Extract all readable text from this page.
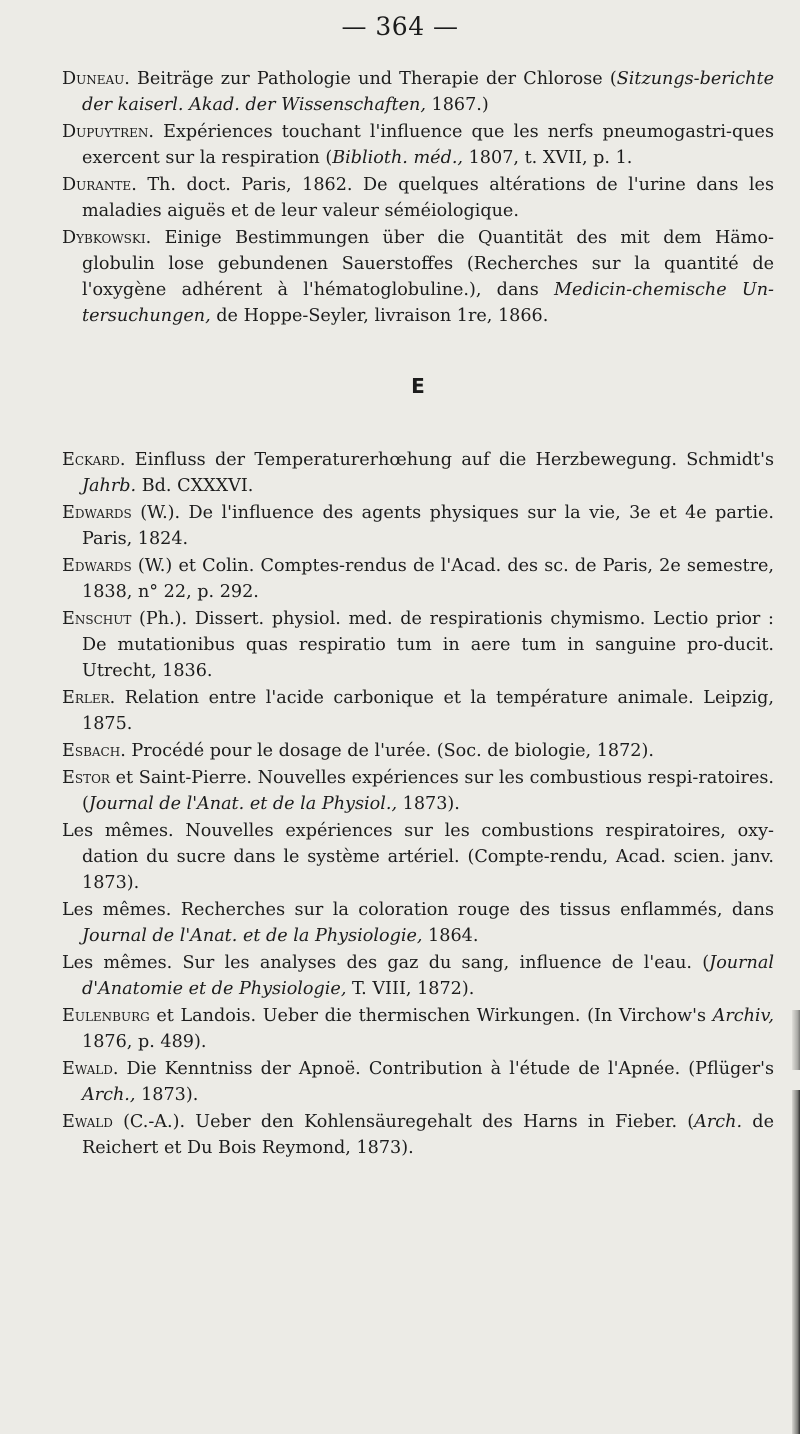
— 364 —

Duneau. Beiträge zur Pathologie und Therapie der Chlorose (Sitzungs-berichte der kaiserl. Akad. der Wissenschaften, 1867.)

Dupuytren. Expériences touchant l'influence que les nerfs pneumogastri-ques exercent sur la respiration (Biblioth. méd., 1807, t. XVII, p. 1.

Durante. Th. doct. Paris, 1862. De quelques altérations de l'urine dans les maladies aiguës et de leur valeur séméiologique.

Dybkowski. Einige Bestimmungen über die Quantität des mit dem Hämo-globulin lose gebundenen Sauerstoffes (Recherches sur la quantité de l'oxygène adhérent à l'hématoglobuline.), dans Medicin-chemische Un-tersuchungen, de Hoppe-Seyler, livraison 1re, 1866.

E

Eckard. Einfluss der Temperaturerhœhung auf die Herzbewegung. Schmidt's Jahrb. Bd. CXXXVI.

Edwards (W.). De l'influence des agents physiques sur la vie, 3e et 4e partie. Paris, 1824.

Edwards (W.) et Colin. Comptes-rendus de l'Acad. des sc. de Paris, 2e semestre, 1838, n° 22, p. 292.

Enschut (Ph.). Dissert. physiol. med. de respirationis chymismo. Lectio prior : De mutationibus quas respiratio tum in aere tum in sanguine pro-ducit. Utrecht, 1836.

Erler. Relation entre l'acide carbonique et la température animale. Leipzig, 1875.

Esbach. Procédé pour le dosage de l'urée. (Soc. de biologie, 1872).

Estor et Saint-Pierre. Nouvelles expériences sur les combustious respi-ratoires. (Journal de l'Anat. et de la Physiol., 1873).

Les mêmes. Nouvelles expériences sur les combustions respiratoires, oxy-dation du sucre dans le système artériel. (Compte-rendu, Acad. scien. janv. 1873).

Les mêmes. Recherches sur la coloration rouge des tissus enflammés, dans Journal de l'Anat. et de la Physiologie, 1864.

Les mêmes. Sur les analyses des gaz du sang, influence de l'eau. (Journal d'Anatomie et de Physiologie, T. VIII, 1872).

Eulenburg et Landois. Ueber die thermischen Wirkungen. (In Virchow's Archiv, 1876, p. 489).

Ewald. Die Kenntniss der Apnoë. Contribution à l'étude de l'Apnée. (Pflüger's Arch., 1873).

Ewald (C.-A.). Ueber den Kohlensäuregehalt des Harns in Fieber. (Arch. de Reichert et Du Bois Reymond, 1873).
